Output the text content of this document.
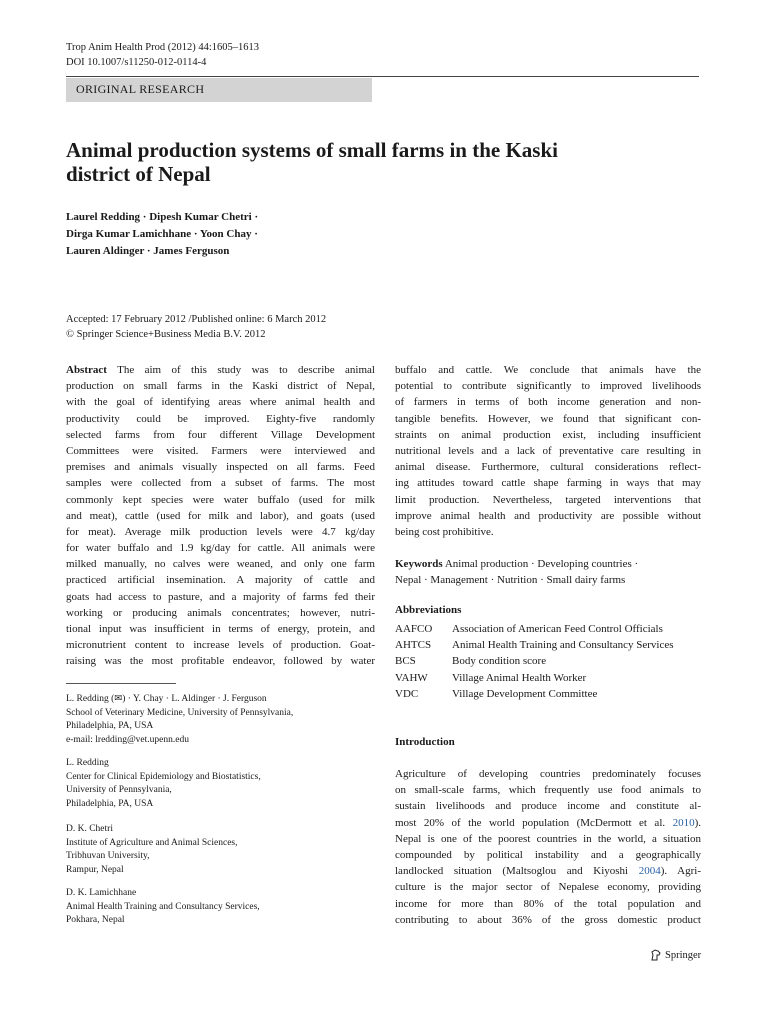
Trop Anim Health Prod (2012) 44:1605–1613
DOI 10.1007/s11250-012-0114-4
ORIGINAL RESEARCH
Animal production systems of small farms in the Kaski
district of Nepal
Laurel Redding · Dipesh Kumar Chetri ·
Dirga Kumar Lamichhane · Yoon Chay ·
Lauren Aldinger · James Ferguson
Accepted: 17 February 2012 /Published online: 6 March 2012
© Springer Science+Business Media B.V. 2012
Abstract The aim of this study was to describe animal
production on small farms in the Kaski district of Nepal,
with the goal of identifying areas where animal health and
productivity could be improved. Eighty-five randomly
selected farms from four different Village Development
Committees were visited. Farmers were interviewed and
premises and animals visually inspected on all farms. Feed
samples were collected from a subset of farms. The most
commonly kept species were water buffalo (used for milk
and meat), cattle (used for milk and labor), and goats (used
for meat). Average milk production levels were 4.7 kg/day
for water buffalo and 1.9 kg/day for cattle. All animals were
milked manually, no calves were weaned, and only one farm
practiced artificial insemination. A majority of cattle and
goats had access to pasture, and a majority of farms fed their
working or producing animals concentrates; however, nutri-
tional input was insufficient in terms of energy, protein, and
micronutrient content to increase levels of production. Goat-
raising was the most profitable endeavor, followed by water
buffalo and cattle. We conclude that animals have the
potential to contribute significantly to improved livelihoods
of farmers in terms of both income generation and non-
tangible benefits. However, we found that significant con-
straints on animal production exist, including insufficient
nutritional levels and a lack of preventative care resulting in
animal disease. Furthermore, cultural considerations reflect-
ing attitudes toward cattle shape farming in ways that may
limit production. Nevertheless, targeted interventions that
improve animal health and productivity are possible without
being cost prohibitive.
Keywords Animal production · Developing countries ·
Nepal · Management · Nutrition · Small dairy farms
Abbreviations
AAFCO	Association of American Feed Control Officials
AHTCS	Animal Health Training and Consultancy Services
BCS	Body condition score
VAHW	Village Animal Health Worker
VDC	Village Development Committee
L. Redding (✉) · Y. Chay · L. Aldinger · J. Ferguson
School of Veterinary Medicine, University of Pennsylvania,
Philadelphia, PA, USA
e-mail: lredding@vet.upenn.edu
L. Redding
Center for Clinical Epidemiology and Biostatistics,
University of Pennsylvania,
Philadelphia, PA, USA
D. K. Chetri
Institute of Agriculture and Animal Sciences,
Tribhuvan University,
Rampur, Nepal
D. K. Lamichhane
Animal Health Training and Consultancy Services,
Pokhara, Nepal
Introduction
Agriculture of developing countries predominately focuses
on small-scale farms, which frequently use food animals to
sustain livelihoods and produce income and constitute al-
most 20% of the world population (McDermott et al. 2010).
Nepal is one of the poorest countries in the world, a situation
compounded by political instability and a geographically
landlocked situation (Maltsoglou and Kiyoshi 2004). Agri-
culture is the major sector of Nepalese economy, providing
income for more than 80% of the total population and
contributing to about 36% of the gross domestic product
Springer
